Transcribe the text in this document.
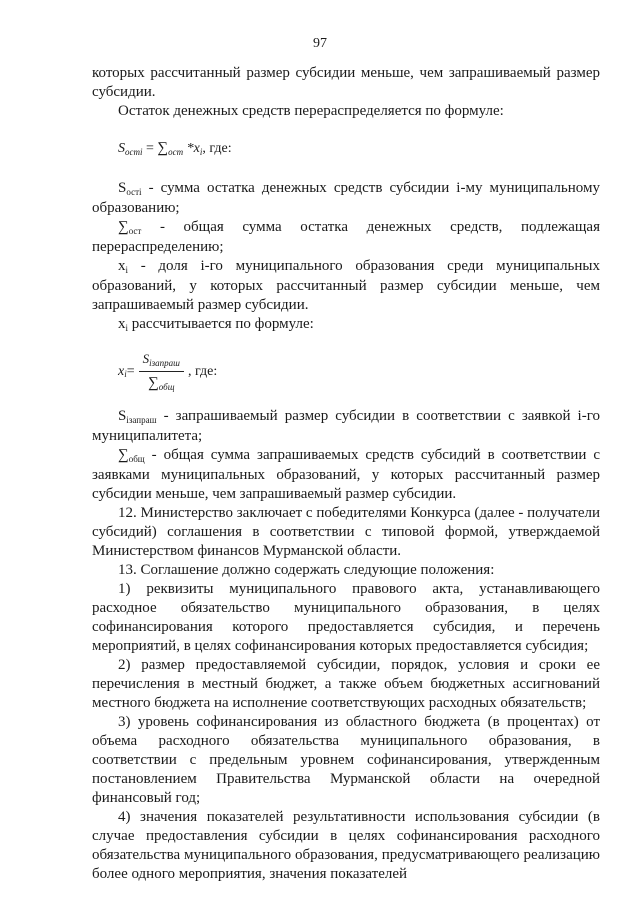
97

которых рассчитанный размер субсидии меньше, чем запрашиваемый размер субсидии.

Остаток денежных средств перераспределяется по формуле:

$S_{остi} = \sum_{ост}$ $*x_i$, где:

$S_{остi}$ - сумма остатка денежных средств субсидии i-му муниципальному образованию;

$\sum_{ост}$ - общая сумма остатка денежных средств, подлежащая перераспределению;

$x_i$ - доля i-го муниципального образования среди муниципальных образований, у которых рассчитанный размер субсидии меньше, чем запрашиваемый размер субсидии.

$x_i$ рассчитывается по формуле:

x $i = \frac{S_{iзапраш}}{\sum_{общ}}$ , где:

$S_{iзапраш}$ - запрашиваемый размер субсидии в соответствии с заявкой i-го муниципалитета;

$\sum_{общ}$ - общая сумма запрашиваемых средств субсидий в соответствии с заявками муниципальных образований, у которых рассчитанный размер субсидии меньше, чем запрашиваемый размер субсидии.

12. Министерство заключает с победителями Конкурса (далее - получатели субсидий) соглашения в соответствии с типовой формой, утверждаемой Министерством финансов Мурманской области.

13. Соглашение должно содержать следующие положения:

1) реквизиты муниципального правового акта, устанавливающего расходное обязательство муниципального образования, в целях софинансирования которого предоставляется субсидия, и перечень мероприятий, в целях софинансирования которых предоставляется субсидия;

2) размер предоставляемой субсидии, порядок, условия и сроки ее перечисления в местный бюджет, а также объем бюджетных ассигнований местного бюджета на исполнение соответствующих расходных обязательств;

3) уровень софинансирования из областного бюджета (в процентах) от объема расходного обязательства муниципального образования, в соответствии с предельным уровнем софинансирования, утвержденным постановлением Правительства Мурманской области на очередной финансовый год;

4) значения показателей результативности использования субсидии (в случае предоставления субсидии в целях софинансирования расходного обязательства муниципального образования, предусматривающего реализацию более одного мероприятия, значения показателей
